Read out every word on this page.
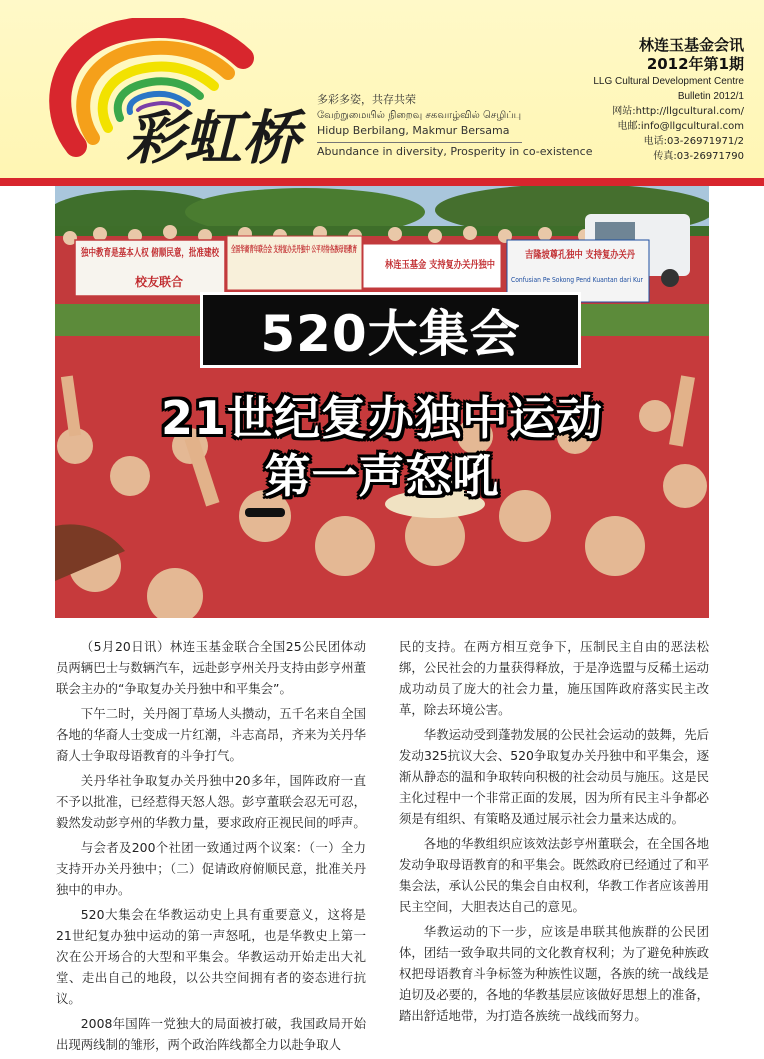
彩虹桥
多彩多姿，共存共荣
வேற்றுமையில் நிறைவு சகவாழ்வில் செழிப்பு
Hidup Berbilang, Makmur Bersama
Abundance in diversity, Prosperity in co-existence
林连玉基金会讯
2012年第1期
LLG Cultural Development Centre
Bulletin 2012/1
网站:http://llgcultural.com/
电邮:info@llgcultural.com
电话:03-26971971/2
传真:03-26971790
独中教育是基本人权 俯顺民意，批准建校
校友联合
全国华裔青年联合会 支持复办关丹独中 公平对待各族母语教育
林连玉基金 支持复办关丹独中
吉隆坡尊孔独中 支持复办关丹
Confusian Pe Sokong Pend Kuantan dari Kur
520大集会
21世纪复办独中运动
第一声怒吼

（5月20日讯）林连玉基金联合全国25公民团体动员两辆巴士与数辆汽车，远赴彭亨州关丹支持由彭亨州董联会主办的“争取复办关丹独中和平集会”。

下午二时，关丹阁丁草场人头攒动，五千名来自全国各地的华裔人士变成一片红潮，斗志高昂，齐来为关丹华裔人士争取母语教育的斗争打气。

关丹华社争取复办关丹独中20多年，国阵政府一直不予以批准，已经惹得天怒人怨。彭亨董联会忍无可忍，毅然发动彭亨州的华教力量，要求政府正视民间的呼声。

与会者及200个社团一致通过两个议案：（一）全力支持开办关丹独中；（二）促请政府俯顺民意，批准关丹独中的申办。

520大集会在华教运动史上具有重要意义，这将是21世纪复办独中运动的第一声怒吼，也是华教史上第一次在公开场合的大型和平集会。华教运动开始走出大礼堂、走出自己的地段，以公共空间拥有者的姿态进行抗议。

2008年国阵一党独大的局面被打破，我国政局开始出现两线制的雏形，两个政治阵线都全力以赴争取人

民的支持。在两方相互竞争下，压制民主自由的恶法松绑，公民社会的力量获得释放，于是净选盟与反稀土运动成功动员了庞大的社会力量，施压国阵政府落实民主改革，除去环境公害。

华教运动受到蓬勃发展的公民社会运动的鼓舞，先后发动325抗议大会、520争取复办关丹独中和平集会，逐渐从静态的温和争取转向积极的社会动员与施压。这是民主化过程中一个非常正面的发展，因为所有民主斗争都必须是有组织、有策略及通过展示社会力量来达成的。

各地的华教组织应该效法彭亨州董联会，在全国各地发动争取母语教育的和平集会。既然政府已经通过了和平集会法，承认公民的集会自由权利，华教工作者应该善用民主空间，大胆表达自己的意见。

华教运动的下一步，应该是串联其他族群的公民团体，团结一致争取共同的文化教育权利；为了避免种族政权把母语教育斗争标签为种族性议题，各族的统一战线是迫切及必要的，各地的华教基层应该做好思想上的准备，踏出舒适地带，为打造各族统一战线而努力。
